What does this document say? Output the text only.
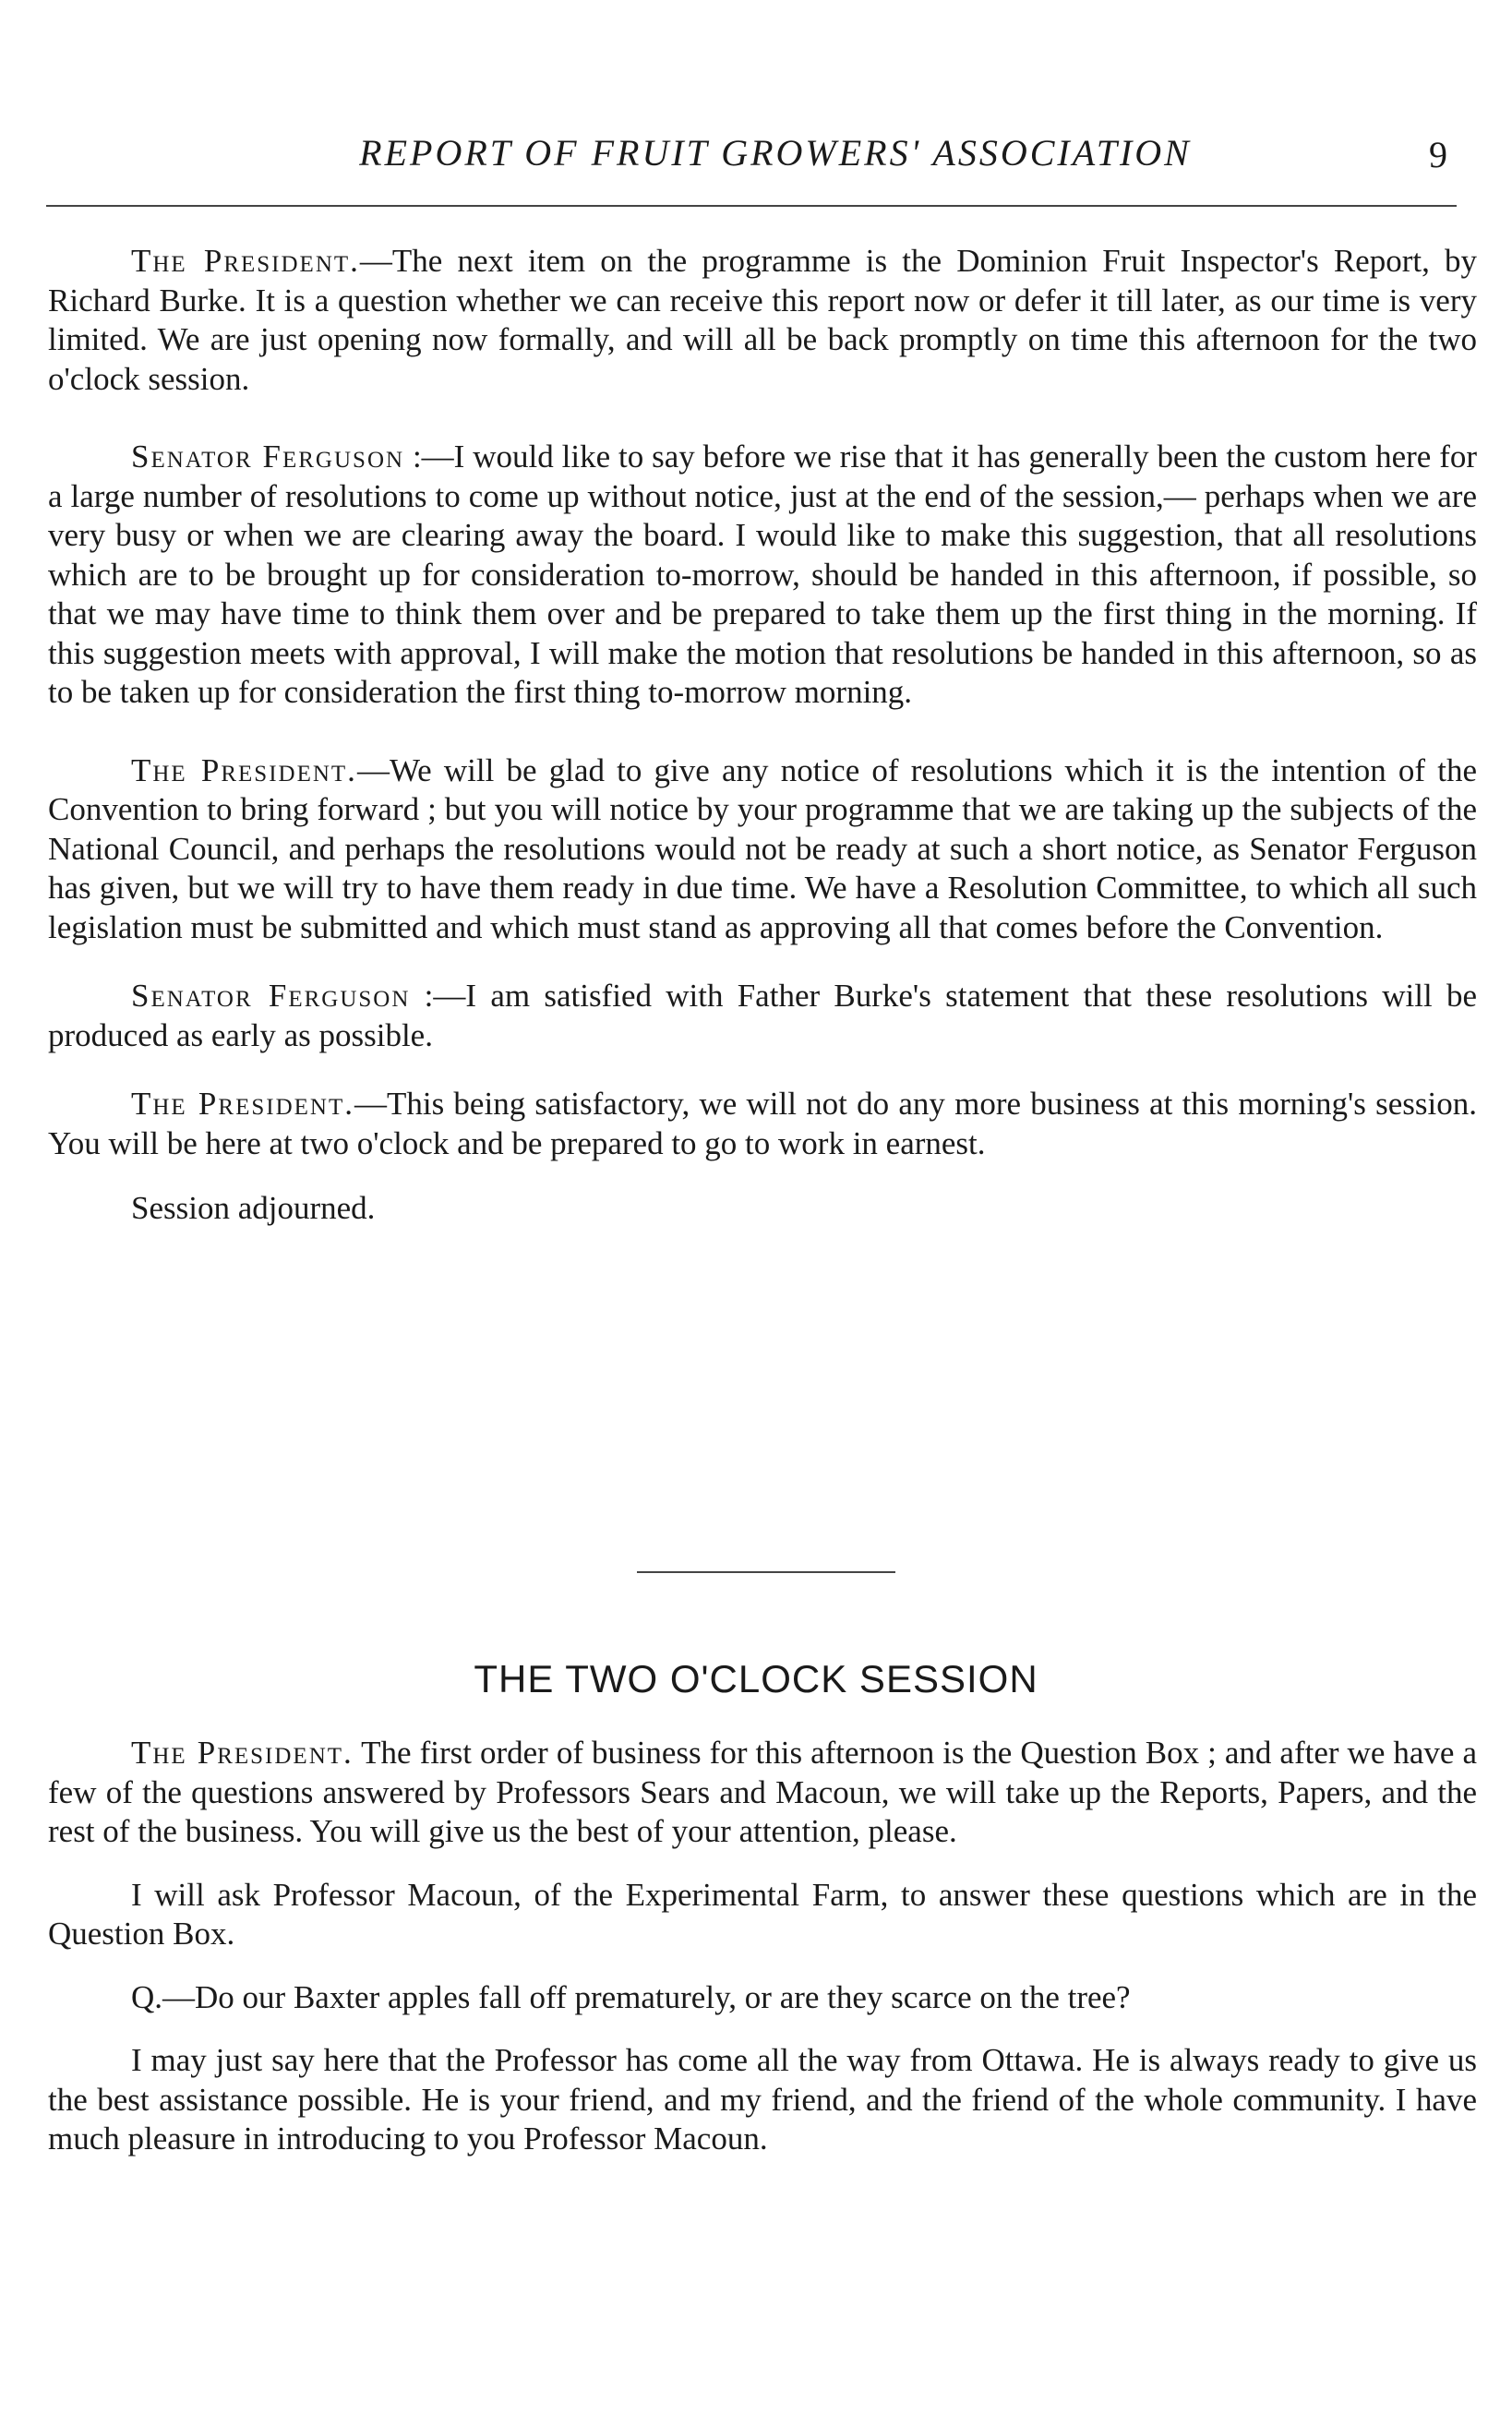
REPORT OF FRUIT GROWERS' ASSOCIATION	9

The President.—The next item on the programme is the Dominion Fruit Inspector's Report, by Richard Burke. It is a question whether we can receive this report now or defer it till later, as our time is very limited. We are just opening now formally, and will all be back promptly on time this afternoon for the two o'clock session.

Senator Ferguson :—I would like to say before we rise that it has generally been the custom here for a large number of resolutions to come up without notice, just at the end of the session,— perhaps when we are very busy or when we are clearing away the board. I would like to make this suggestion, that all resolutions which are to be brought up for consideration to-morrow, should be handed in this afternoon, if possible, so that we may have time to think them over and be prepared to take them up the first thing in the morning. If this suggestion meets with approval, I will make the motion that resolutions be handed in this afternoon, so as to be taken up for consideration the first thing to-morrow morning.

The President.—We will be glad to give any notice of resolutions which it is the intention of the Convention to bring forward ; but you will notice by your programme that we are taking up the subjects of the National Council, and perhaps the resolutions would not be ready at such a short notice, as Senator Ferguson has given, but we will try to have them ready in due time. We have a Resolution Committee, to which all such legislation must be submitted and which must stand as approving all that comes before the Convention.

Senator Ferguson :—I am satisfied with Father Burke's statement that these resolutions will be produced as early as possible.

The President.—This being satisfactory, we will not do any more business at this morning's session. You will be here at two o'clock and be prepared to go to work in earnest.

Session adjourned.

THE TWO O'CLOCK SESSION

The President. The first order of business for this afternoon is the Question Box ; and after we have a few of the questions answered by Professors Sears and Macoun, we will take up the Reports, Papers, and the rest of the business. You will give us the best of your attention, please.

I will ask Professor Macoun, of the Experimental Farm, to answer these questions which are in the Question Box.

Q.—Do our Baxter apples fall off prematurely, or are they scarce on the tree?

I may just say here that the Professor has come all the way from Ottawa. He is always ready to give us the best assistance possible. He is your friend, and my friend, and the friend of the whole community. I have much pleasure in introducing to you Professor Macoun.
